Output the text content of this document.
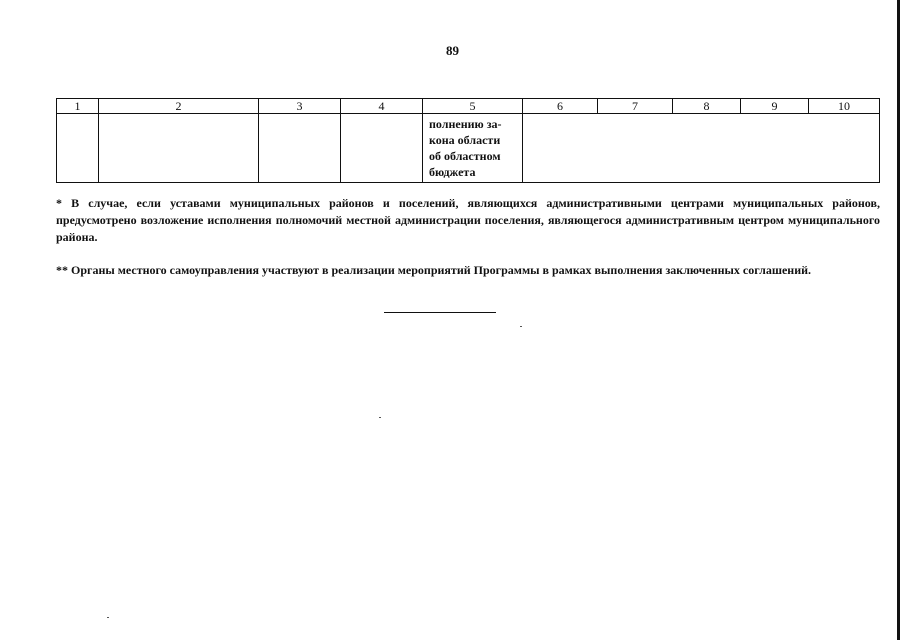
89
1	2	3	4	5	6	7	8	9	10

				полнению за-
кона области
об областном
бюджета					

* В случае, если уставами муниципальных районов и поселений, являющихся административными центрами муниципальных районов, предусмотрено возложение исполнения полномочий местной администрации поселения, являющегося административным центром муниципального района.
** Органы местного самоуправления участвуют в реализации мероприятий Программы в рамках выполнения заключенных соглашений.
